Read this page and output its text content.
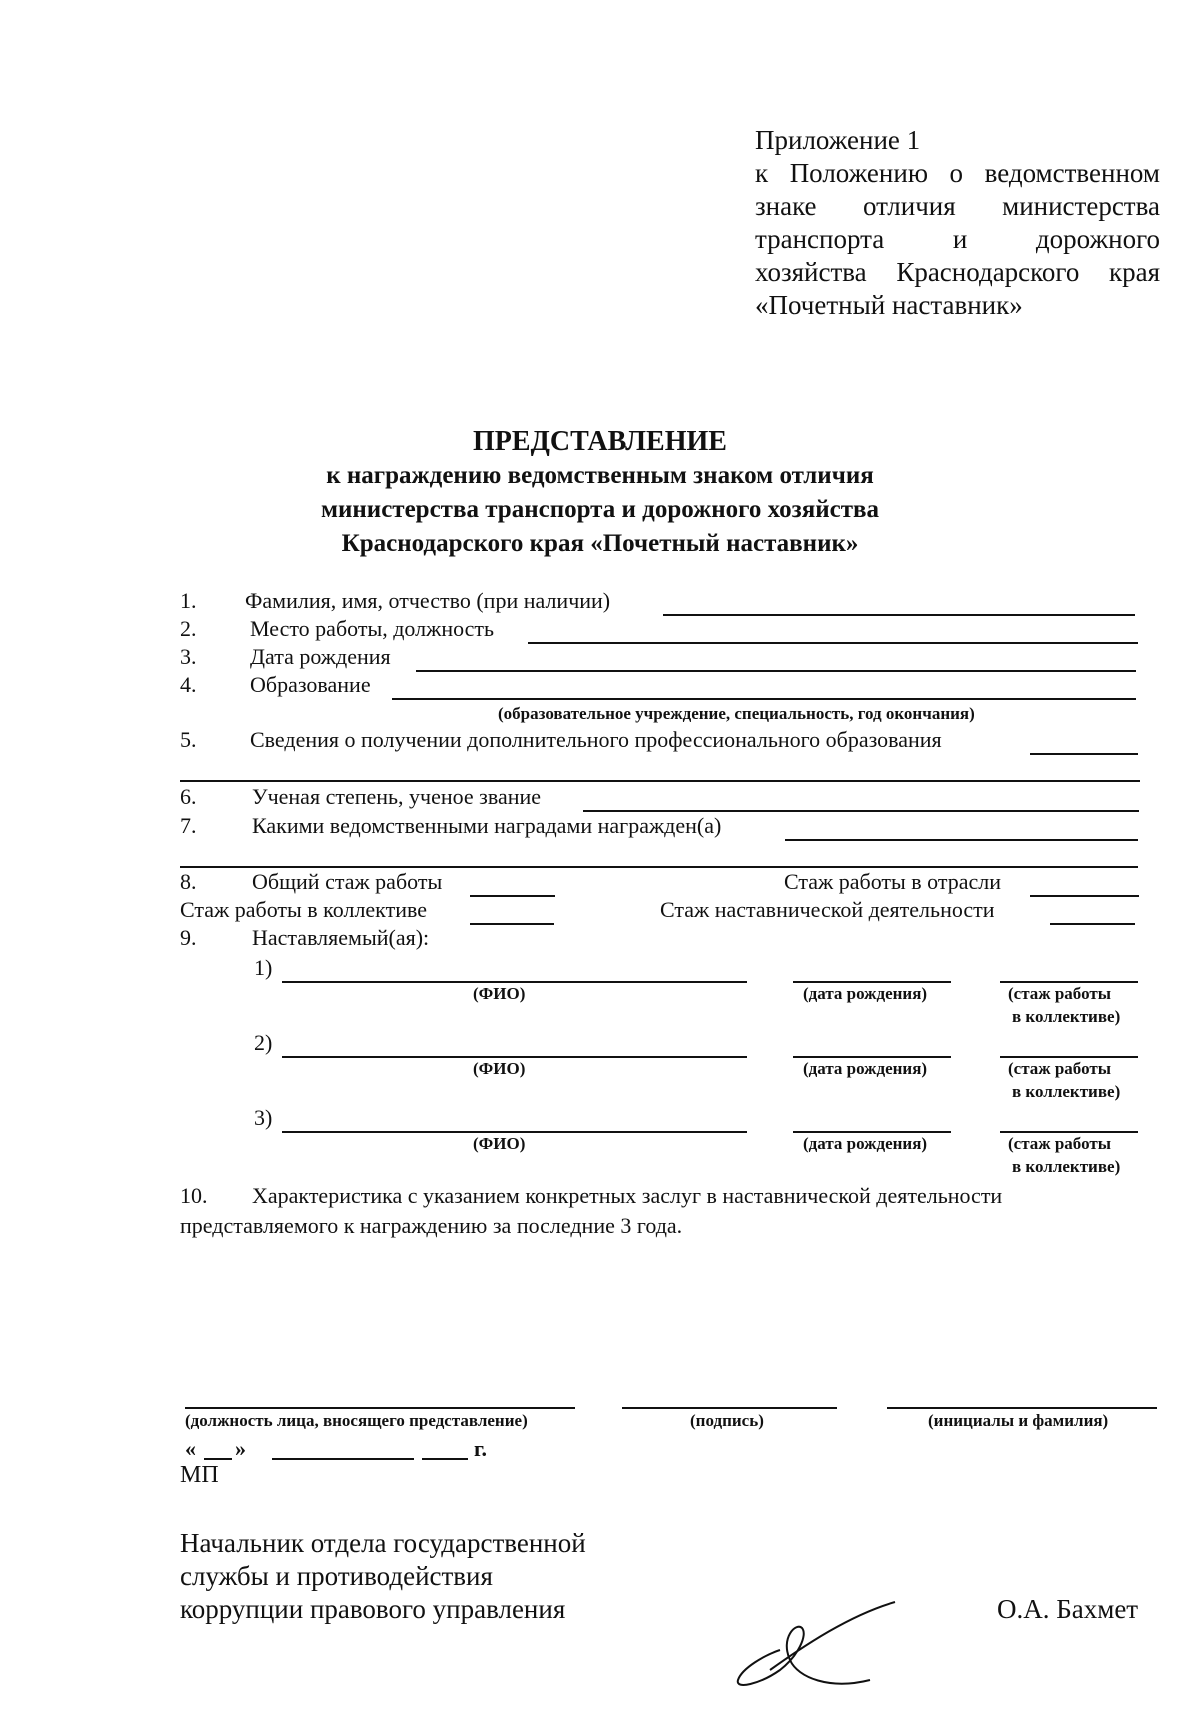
Приложение 1
к Положению о ведомственном
знаке отличия министерства
транспорта	и	дорожного
хозяйства Краснодарского края
«Почетный наставник»
ПРЕДСТАВЛЕНИЕ
к награждению ведомственным знаком отличия
министерства транспорта и дорожного хозяйства
Краснодарского края «Почетный наставник»
1. Фамилия, имя, отчество (при наличии)
2. Место работы, должность
3. Дата рождения
4. Образование
(образовательное учреждение, специальность, год окончания)
5. Сведения о получении дополнительного профессионального образования
6.	Ученая степень, ученое звание
7.	Какими ведомственными наградами награжден(а)
8.	Общий стаж работы	Стаж работы в отрасли
Стаж работы в коллективе	Стаж наставнической деятельности
9.	Наставляемый(ая):
1)
(ФИО)	(дата рождения)	(стаж работы
в коллективе)
2)
(ФИО)	(дата рождения)	(стаж работы
в коллективе)
3)
(ФИО)	(дата рождения)	(стаж работы
в коллективе)
10. Характеристика с указанием конкретных заслуг в наставнической деятельности
представляемого к награждению за последние 3 года.
(должность лица, вносящего представление)	(подпись)	(инициалы и фамилия)
« »	г.
МП
Начальник отдела государственной
службы и противодействия
коррупции правового управления	О.А. Бахмет
